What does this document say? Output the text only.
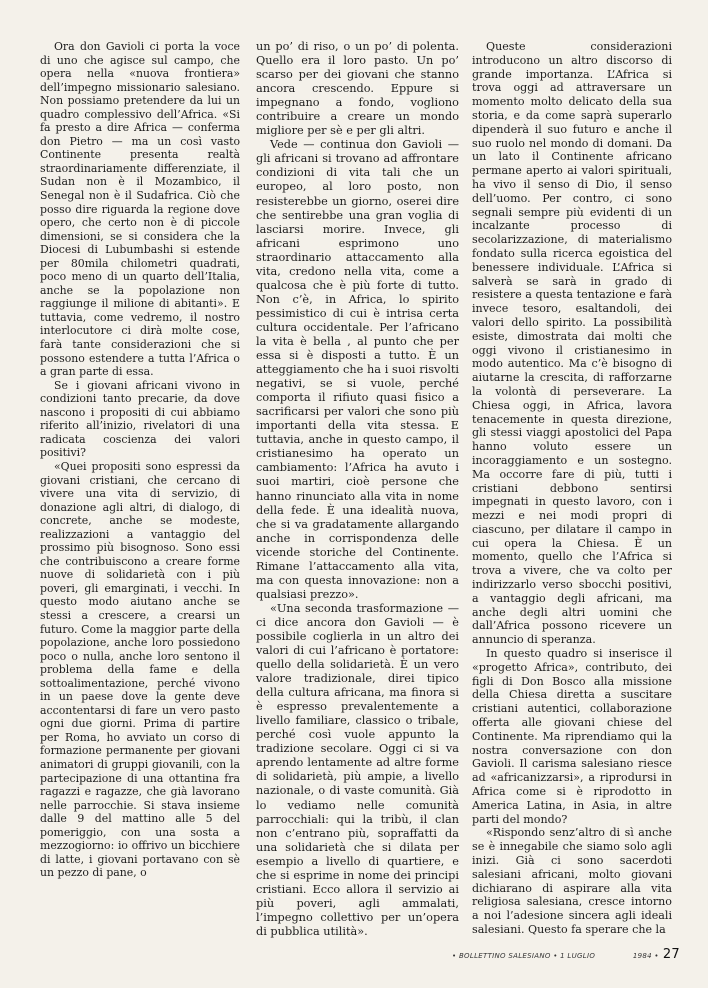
Ora don Gavioli ci porta la voce di uno che agisce sul campo, che opera nella «nuova frontiera» dell’impegno missionario salesiano. Non possiamo pretendere da lui un quadro complessivo dell’Africa. «Si fa presto a dire Africa — conferma don Pietro — ma un così vasto Continente presenta realtà straordinariamente differenziate, il Sudan non è il Mozambico, il Senegal non è il Sudafrica. Ciò che posso dire riguarda la regione dove opero, che certo non è di piccole dimensioni, se si considera che la Diocesi di Lubumbashi si estende per 80mila chilometri quadrati, poco meno di un quarto dell’Italia, anche se la popolazione non raggiunge il milione di abitanti». E tuttavia, come vedremo, il nostro interlocutore ci dirà molte cose, farà tante considerazioni che si possono estendere a tutta l’Africa o a gran parte di essa.

Se i giovani africani vivono in condizioni tanto precarie, da dove nascono i propositi di cui abbiamo riferito all’inizio, rivelatori di una radicata coscienza dei valori positivi?

«Quei propositi sono espressi da giovani cristiani, che cercano di vivere una vita di servizio, di donazione agli altri, di dialogo, di concrete, anche se modeste, realizzazioni a vantaggio del prossimo più bisognoso. Sono essi che contribuiscono a creare forme nuove di solidarietà con i più poveri, gli emarginati, i vecchi. In questo modo aiutano anche se stessi a crescere, a crearsi un futuro. Come la maggior parte della popolazione, anche loro possiedono poco o nulla, anche loro sentono il problema della fame e della sottoalimentazione, perché vivono in un paese dove la gente deve accontentarsi di fare un vero pasto ogni due giorni. Prima di partire per Roma, ho avviato un corso di formazione permanente per giovani animatori di gruppi giovanili, con la partecipazione di una ottantina fra ragazzi e ragazze, che già lavorano nelle parrocchie. Si stava insieme dalle 9 del mattino alle 5 del pomeriggio, con una sosta a mezzogiorno: io offrivo un bicchiere di latte, i giovani portavano con sè un pezzo di pane, o

un po’ di riso, o un po’ di polenta. Quello era il loro pasto. Un po’ scarso per dei giovani che stanno ancora crescendo. Eppure si impegnano a fondo, vogliono contribuire a creare un mondo migliore per sè e per gli altri.

Vede — continua don Gavioli — gli africani si trovano ad affrontare condizioni di vita tali che un europeo, al loro posto, non resisterebbe un giorno, oserei dire che sentirebbe una gran voglia di lasciarsi morire. Invece, gli africani esprimono uno straordinario attaccamento alla vita, credono nella vita, come a qualcosa che è più forte di tutto. Non c’è, in Africa, lo spirito pessimistico di cui è intrisa certa cultura occidentale. Per l’africano la vita è bella , al punto che per essa si è disposti a tutto. È un atteggiamento che ha i suoi risvolti negativi, se si vuole, perché comporta il rifiuto quasi fisico a sacrificarsi per valori che sono più importanti della vita stessa. E tuttavia, anche in questo campo, il cristianesimo ha operato un cambiamento: l’Africa ha avuto i suoi martiri, cioè persone che hanno rinunciato alla vita in nome della fede. È una idealità nuova, che si va gradatamente allargando anche in corrispondenza delle vicende storiche del Continente. Rimane l’attaccamento alla vita, ma con questa innovazione: non a qualsiasi prezzo».

«Una seconda trasformazione — ci dice ancora don Gavioli — è possibile coglierla in un altro dei valori di cui l’africano è portatore: quello della solidarietà. È un vero valore tradizionale, direi tipico della cultura africana, ma finora si è espresso prevalentemente a livello familiare, classico o tribale, perché così vuole appunto la tradizione secolare. Oggi ci si va aprendo lentamente ad altre forme di solidarietà, più ampie, a livello nazionale, o di vaste comunità. Già lo vediamo nelle comunità parrocchiali: qui la tribù, il clan non c’entrano più, sopraffatti da una solidarietà che si dilata per esempio a livello di quartiere, e che si esprime in nome dei principi cristiani. Ecco allora il servizio ai più poveri, agli ammalati, l’impegno collettivo per un’opera di pubblica utilità».

Queste considerazioni introducono un altro discorso di grande importanza. L’Africa si trova oggi ad attraversare un momento molto delicato della sua storia, e da come saprà superarlo dipenderà il suo futuro e anche il suo ruolo nel mondo di domani. Da un lato il Continente africano permane aperto ai valori spirituali, ha vivo il senso di Dio, il senso dell’uomo. Per contro, ci sono segnali sempre più evidenti di un incalzante processo di secolarizzazione, di materialismo fondato sulla ricerca egoistica del benessere individuale. L’Africa si salverà se sarà in grado di resistere a questa tentazione e farà invece tesoro, esaltandoli, dei valori dello spirito. La possibilità esiste, dimostrata dai molti che oggi vivono il cristianesimo in modo autentico. Ma c’è bisogno di aiutarne la crescita, di rafforzarne la volontà di perseverare. La Chiesa oggi, in Africa, lavora tenacemente in questa direzione, gli stessi viaggi apostolici del Papa hanno voluto essere un incoraggiamento e un sostegno. Ma occorre fare di più, tutti i cristiani debbono sentirsi impegnati in questo lavoro, con i mezzi e nei modi propri di ciascuno, per dilatare il campo in cui opera la Chiesa. È un momento, quello che l’Africa si trova a vivere, che va colto per indirizzarlo verso sbocchi positivi, a vantaggio degli africani, ma anche degli altri uomini che dall’Africa possono ricevere un annuncio di speranza.

In questo quadro si inserisce il «progetto Africa», contributo, dei figli di Don Bosco alla missione della Chiesa diretta a suscitare cristiani autentici, collaborazione offerta alle giovani chiese del Continente. Ma riprendiamo qui la nostra conversazione con don Gavioli. Il carisma salesiano riesce ad «africanizzarsi», a riprodursi in Africa come si è riprodotto in America Latina, in Asia, in altre parti del mondo?

«Rispondo senz’altro di sì anche se è innegabile che siamo solo agli inizi. Già ci sono sacerdoti salesiani africani, molto giovani dichiarano di aspirare alla vita religiosa salesiana, cresce intorno a noi l’adesione sincera agli ideali salesiani. Questo fa sperare che la

• BOLLETTINO SALESIANO • 1 LUGLIO	1984 • 27
